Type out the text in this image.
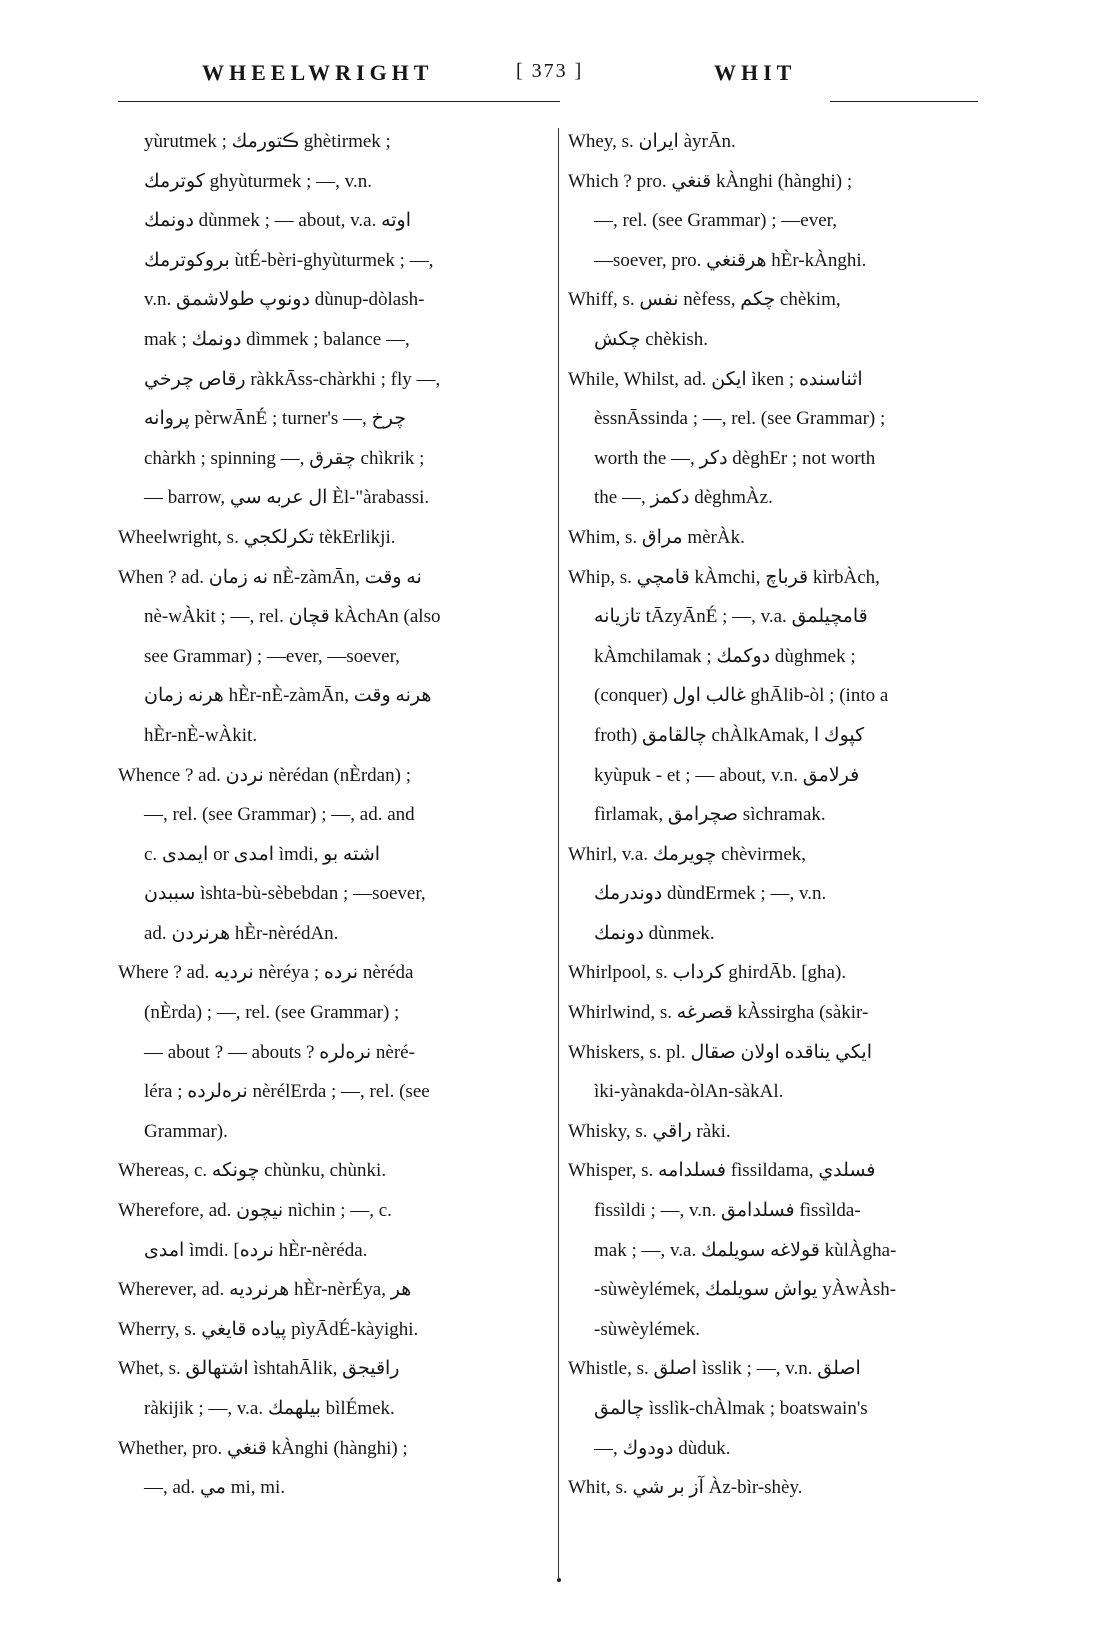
WHEELWRIGHT	[ 373 ]	WHIT
yùrutmek ; ڪتورمك ghètirmek ;
كوترمك ghyùturmek ; —, v.n.
دونمك dùnmek ; — about, v.a. اوته
بروكوترمك ùtÉ-bèri-ghyùturmek ; —,
v.n. دونوپ طولاشمق dùnup-dòlash-
mak ; دونمك dìmmek ; balance —,
رقاص چرخي ràkkĀss-chàrkhi ; fly —,
پروانه pèrwĀnÉ ; turner's —, چرخ
chàrkh ; spinning —, چقرق chìkrik ;
— barrow, ال عربه سي Èl-"àrabassi.
Wheelwright, s. تكرلكجي tèkErlikji.
When ? ad. نه زمان nÈ-zàmĀn, نه وقت
nè-wÀkit ; —, rel. قچان kÀchAn (also
see Grammar) ; —ever, —soever,
هرنه زمان hÈr-nÈ-zàmĀn, هرنه وقت
hÈr-nÈ-wÀkit.
Whence ? ad. نردن nèrédan (nÈrdan) ;
—, rel. (see Grammar) ; —, ad. and
c. ايمدى or امدى ìmdi, اشته بو
سببدن ìshta-bù-sèbebdan ; —soever,
ad. هرنردن hÈr-nèrédAn.
Where ? ad. نرديه nèréya ; نرده nèréda
(nÈrda) ; —, rel. (see Grammar) ;
— about ? — abouts ? نرەلرە nèré-
léra ; نرەلردە nèrélErda ; —, rel. (see
Grammar).
Whereas, c. چونكه chùnku, chùnki.
Wherefore, ad. نيچون nìchin ; —, c.
امدى ìmdi. [نرده hÈr-nèréda.
Wherever, ad. هرنرديه hÈr-nèrÉya, هر
Wherry, s. پياده قايغي pìyĀdÉ-kàyighi.
Whet, s. اشتهالق ìshtahĀlik, راقيجق
ràkijik ; —, v.a. بيلهمك bìlÉmek.
Whether, pro. قنغي kÀnghi (hànghi) ;
—, ad. مي mi, mi.
Whey, s. ايران àyrĀn.
Which ? pro. قنغي kÀnghi (hànghi) ;
—, rel. (see Grammar) ; —ever,
—soever, pro. هرقنغي hÈr-kÀnghi.
Whiff, s. نفس nèfess, چكم chèkim,
چكش chèkish.
While, Whilst, ad. ايكن ìken ; اثناسنده
èssnĀssinda ; —, rel. (see Grammar) ;
worth the —, دكر dèghEr ; not worth
the —, دكمز dèghmÀz.
Whim, s. مراق mèrÀk.
Whip, s. قامچي kÀmchi, قرباچ kìrbÀch,
تازيانه tĀzyĀnÉ ; —, v.a. قامچيلمق
kÀmchilamak ; دوكمك dùghmek ;
(conquer) غالب اول ghĀlib-òl ; (into a
froth) چالقامق chÀlkAmak, كپوك ا
kyùpuk - et ; — about, v.n. فرلامق
fìrlamak, صچرامق sìchramak.
Whirl, v.a. چويرمك chèvirmek,
دوندرمك dùndErmek ; —, v.n.
دونمك dùnmek.
Whirlpool, s. كرداب ghirdĀb. [gha).
Whirlwind, s. قصرغه kÀssirgha (sàkir-
Whiskers, s. pl. ايكي يناقده اولان صقال
ìki-yànakda-òlAn-sàkAl.
Whisky, s. راقي ràki.
Whisper, s. فسلدامه fìssildama, فسلدي
fìssìldi ; —, v.n. فسلدامق fìssìlda-
mak ; —, v.a. قولاغه سويلمك kùlÀgha-
-sùwèylémek, يواش سويلمك yÀwÀsh-
-sùwèylémek.
Whistle, s. اصلق ìsslik ; —, v.n. اصلق
چالمق ìsslìk-chÀlmak ; boatswain's
—, دودوك dùduk.
Whit, s. آز بر شي Àz-bìr-shèy.
